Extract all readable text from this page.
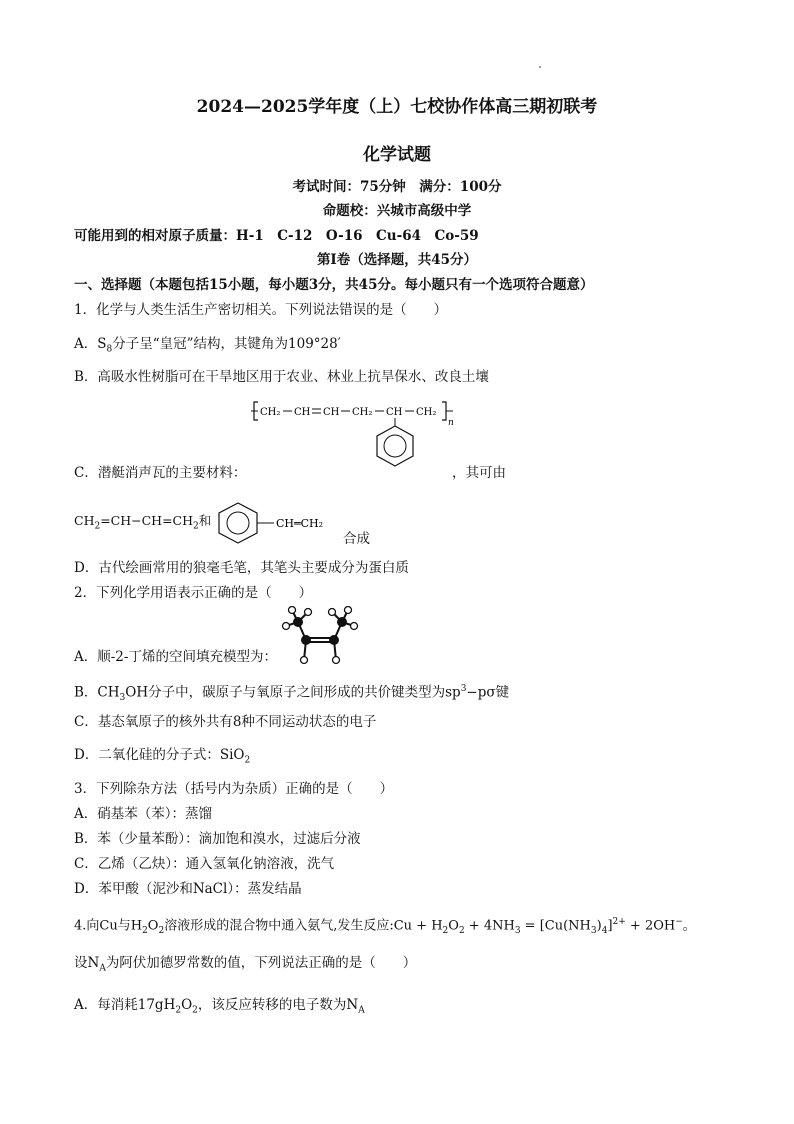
2024—2025学年度（上）七校协作体高三期初联考
化学试题
考试时间：75分钟　满分：100分
命题校：兴城市高级中学
可能用到的相对原子质量：H-1　C-12　O-16　Cu-64　Co-59
第Ⅰ卷（选择题，共45分）
一、选择题（本题包括15小题，每小题3分，共45分。每小题只有一个选项符合题意）
1．化学与人类生活生产密切相关。下列说法错误的是（　　）
A．$S_8$分子呈“皇冠”结构，其键角为109°28′
B．高吸水性树脂可在干旱地区用于农业、林业上抗旱保水、改良土壤
CH₂ CH CH CH₂ CH CH₂
n
C．潜艇消声瓦的主要材料：	，其可由
$CH_2=CH-CH=CH_2$和	CH═CH₂
合成
D．古代绘画常用的狼毫毛笔，其笔头主要成分为蛋白质
2．下列化学用语表示正确的是（　　）
A．顺-2-丁烯的空间填充模型为：
B．$CH_3OH$分子中，碳原子与氧原子之间形成的共价键类型为$sp^3-p\sigma$键
C．基态氧原子的核外共有8种不同运动状态的电子
D．二氧化硅的分子式：SiO$_2$
3．下列除杂方法（括号内为杂质）正确的是（　　）
A．硝基苯（苯）：蒸馏
B．苯（少量苯酚）：滴加饱和溴水，过滤后分液
C．乙烯（乙炔）：通入氢氧化钠溶液，洗气
D．苯甲酸（泥沙和NaCl）：蒸发结晶
4.向Cu与$H_2O_2$溶液形成的混合物中通入氨气,发生反应:Cu + $H_2O_2 + 4NH_3 = [Cu(NH_3)_4]^{2+} + 2OH^-$。
设$N_A$为阿伏加德罗常数的值，下列说法正确的是（　　）
A．每消耗$17gH_2O_2$，该反应转移的电子数为$N_A$
